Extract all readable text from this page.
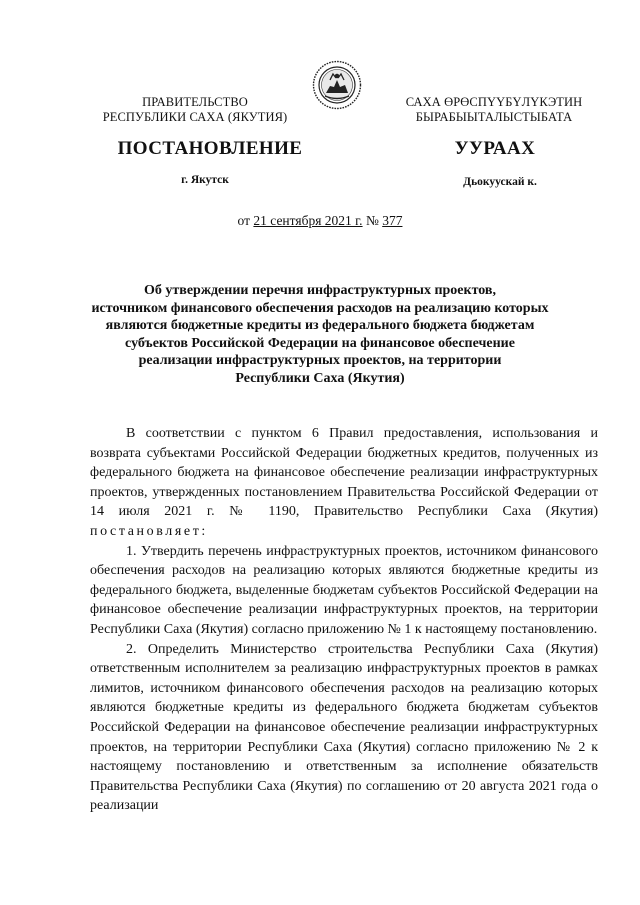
ПРАВИТЕЛЬСТВО
РЕСПУБЛИКИ САХА (ЯКУТИЯ)
САХА ӨРӨСПҮҮБҮЛҮКЭТИН
БЫРАБЫЫТАЛЫСТЫБАТА
ПОСТАНОВЛЕНИЕ	УУРААХ
г. Якутск	Дьокуускай к.
от 21 сентября 2021 г. № 377
Об утверждении перечня инфраструктурных проектов,
источником финансового обеспечения расходов на реализацию которых
являются бюджетные кредиты из федерального бюджета бюджетам
субъектов Российской Федерации на финансовое обеспечение
реализации инфраструктурных проектов, на территории
Республики Саха (Якутия)

В соответствии с пунктом 6 Правил предоставления, использования и возврата субъектами Российской Федерации бюджетных кредитов, полученных из федерального бюджета на финансовое обеспечение реализации инфраструктурных проектов, утвержденных постановлением Правительства Российской Федерации от 14 июля 2021 г. № 1190, Правительство Республики Саха (Якутия) постановляет:

1. Утвердить перечень инфраструктурных проектов, источником финансового обеспечения расходов на реализацию которых являются бюджетные кредиты из федерального бюджета, выделенные бюджетам субъектов Российской Федерации на финансовое обеспечение реализации инфраструктурных проектов, на территории Республики Саха (Якутия) согласно приложению № 1 к настоящему постановлению.

2. Определить Министерство строительства Республики Саха (Якутия) ответственным исполнителем за реализацию инфраструктурных проектов в рамках лимитов, источником финансового обеспечения расходов на реализацию которых являются бюджетные кредиты из федерального бюджета бюджетам субъектов Российской Федерации на финансовое обеспечение реализации инфраструктурных проектов, на территории Республики Саха (Якутия) согласно приложению № 2 к настоящему постановлению и ответственным за исполнение обязательств Правительства Республики Саха (Якутия) по соглашению от 20 августа 2021 года о реализации
